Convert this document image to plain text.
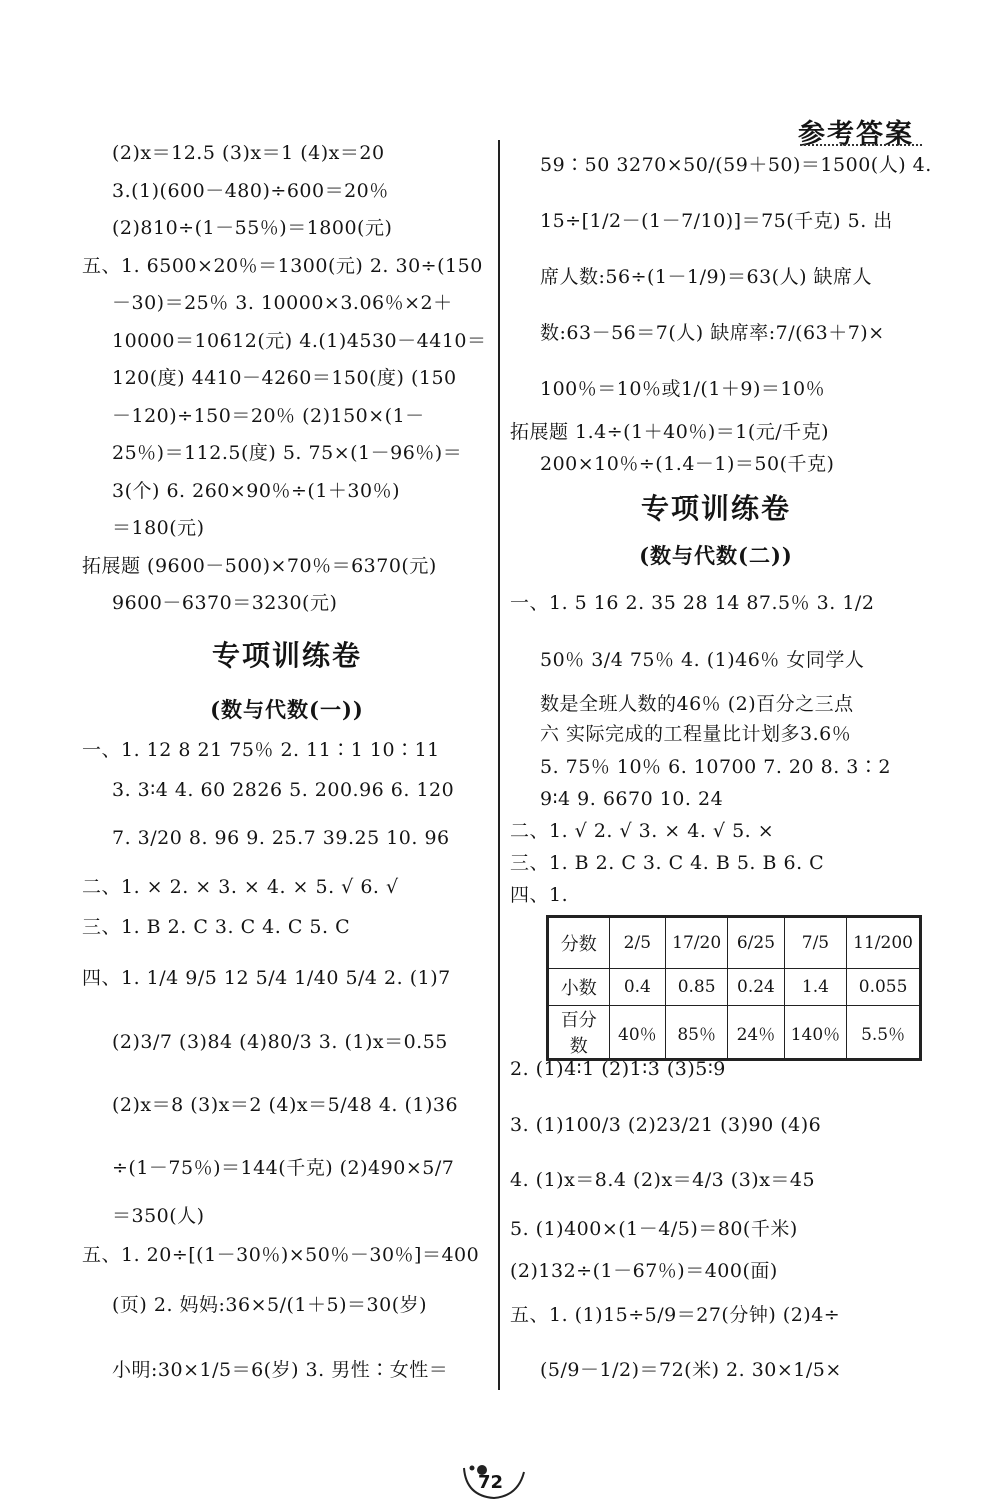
参考答案
(2)x＝12.5 (3)x＝1 (4)x＝20
3.(1)(600－480)÷600＝20％
(2)810÷(1－55％)＝1800(元)
五、1. 6500×20％＝1300(元) 2. 30÷(150
－30)＝25％ 3. 10000×3.06％×2＋
10000＝10612(元) 4.(1)4530－4410＝
120(度) 4410－4260＝150(度) (150
－120)÷150＝20％ (2)150×(1－
25％)＝112.5(度) 5. 75×(1－96％)＝
3(个) 6. 260×90％÷(1＋30％)
＝180(元)
拓展题 (9600－500)×70％＝6370(元)
9600－6370＝3230(元)
专项训练卷
(数与代数(一))
一、1. 12 8 21 75％ 2. 11∶1 10∶11
3. 3∶4 4. 60 2826 5. 200.96 6. 120
7. 3/20 8. 96 9. 25.7 39.25 10. 96
二、1. × 2. × 3. × 4. × 5. √ 6. √
三、1. B 2. C 3. C 4. C 5. C
四、1. 1/4 9/5 12 5/4 1/40 5/4 2. (1)7
(2)3/7 (3)84 (4)80/3 3. (1)x＝0.55
(2)x＝8 (3)x＝2 (4)x＝5/48 4. (1)36
÷(1－75％)＝144(千克) (2)490×5/7
＝350(人)
五、1. 20÷[(1－30％)×50％－30％]＝400
(页) 2. 妈妈:36×5/(1＋5)＝30(岁)
小明:30×1/5＝6(岁) 3. 男性∶女性＝
59∶50 3270×50/(59＋50)＝1500(人) 4.
15÷[1/2－(1－7/10)]＝75(千克) 5. 出
席人数:56÷(1－1/9)＝63(人) 缺席人
数:63－56＝7(人) 缺席率:7/(63＋7)×
100％＝10％或1/(1＋9)＝10％
拓展题 1.4÷(1＋40％)＝1(元/千克)
200×10％÷(1.4－1)＝50(千克)
专项训练卷
(数与代数(二))
一、1. 5 16 2. 35 28 14 87.5％ 3. 1/2
50％ 3/4 75％ 4. (1)46％ 女同学人
数是全班人数的46％ (2)百分之三点
六 实际完成的工程量比计划多3.6％
5. 75％ 10％ 6. 10700 7. 20 8. 3∶2
9∶4 9. 6670 10. 24
二、1. √ 2. √ 3. × 4. √ 5. ×
三、1. B 2. C 3. C 4. B 5. B 6. C
四、1.
分数	2/5	17/20	6/25	7/5	11/200
小数	0.4	0.85	0.24	1.4	0.055
百分数	40％	85％	24％	140％	5.5％
2. (1)4∶1 (2)1∶3 (3)5∶9
3. (1)100/3 (2)23/21 (3)90 (4)6
4. (1)x＝8.4 (2)x＝4/3 (3)x＝45
5. (1)400×(1－4/5)＝80(千米)
(2)132÷(1－67％)＝400(面)
五、1. (1)15÷5/9＝27(分钟) (2)4÷
(5/9－1/2)＝72(米) 2. 30×1/5×
72
